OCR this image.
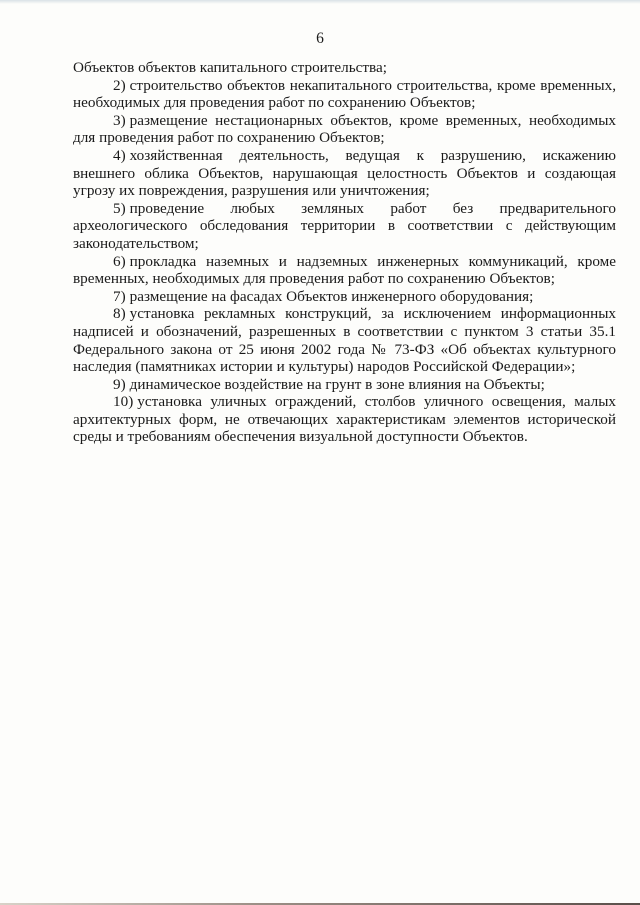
6

Объектов объектов капитального строительства;

2) строительство объектов некапитального строительства, кроме временных, необходимых для проведения работ по сохранению Объектов;

3) размещение нестационарных объектов, кроме временных, необходимых для проведения работ по сохранению Объектов;

4) хозяйственная деятельность, ведущая к разрушению, искажению внешнего облика Объектов, нарушающая целостность Объектов и создающая угрозу их повреждения, разрушения или уничтожения;

5) проведение любых земляных работ без предварительного археологического обследования территории в соответствии с действующим законодательством;

6) прокладка наземных и надземных инженерных коммуникаций, кроме временных, необходимых для проведения работ по сохранению Объектов;

7) размещение на фасадах Объектов инженерного оборудования;

8) установка рекламных конструкций, за исключением информационных надписей и обозначений, разрешенных в соответствии с пунктом 3 статьи 35.1 Федерального закона от 25 июня 2002 года № 73-ФЗ «Об объектах культурного наследия (памятниках истории и культуры) народов Российской Федерации»;

9) динамическое воздействие на грунт в зоне влияния на Объекты;

10) установка уличных ограждений, столбов уличного освещения, малых архитектурных форм, не отвечающих характеристикам элементов исторической среды и требованиям обеспечения визуальной доступности Объектов.
